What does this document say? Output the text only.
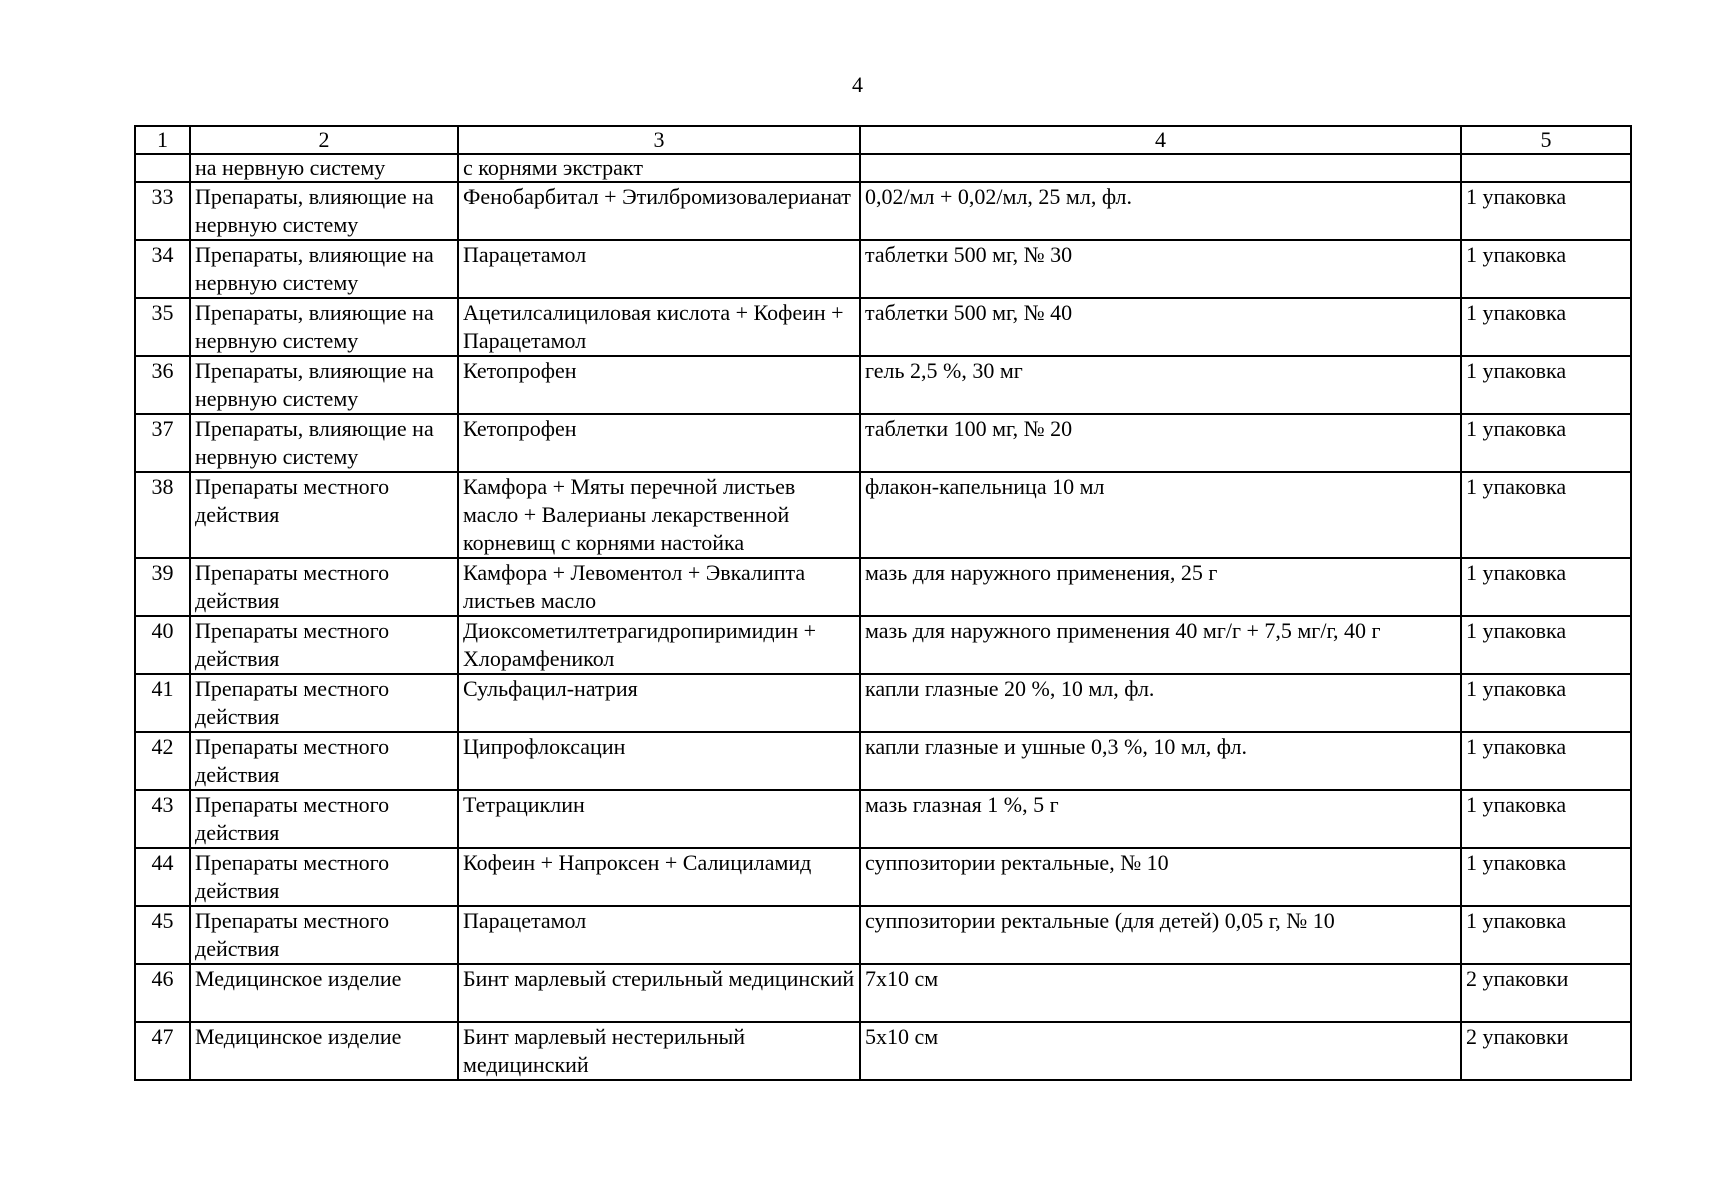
4
1	2	3	4	5
	на нервную систему	с корнями экстракт		
33	Препараты, влияющие на нервную систему	Фенобарбитал + Этилбромизовалерианат	0,02/мл + 0,02/мл, 25 мл, фл.	1 упаковка
34	Препараты, влияющие на нервную систему	Парацетамол	таблетки 500 мг, № 30	1 упаковка
35	Препараты, влияющие на нервную систему	Ацетилсалициловая кислота + Кофеин + Парацетамол	таблетки 500 мг, № 40	1 упаковка
36	Препараты, влияющие на нервную систему	Кетопрофен	гель 2,5 %, 30 мг	1 упаковка
37	Препараты, влияющие на нервную систему	Кетопрофен	таблетки 100 мг, № 20	1 упаковка
38	Препараты местного действия	Камфора + Мяты перечной листьев масло + Валерианы лекарственной корневищ с корнями настойка	флакон-капельница 10 мл	1 упаковка
39	Препараты местного действия	Камфора + Левоментол + Эвкалипта листьев масло	мазь для наружного применения, 25 г	1 упаковка
40	Препараты местного действия	Диоксометилтетрагидропиримидин + Хлорамфеникол	мазь для наружного применения 40 мг/г + 7,5 мг/г, 40 г	1 упаковка
41	Препараты местного действия	Сульфацил-натрия	капли глазные 20 %, 10 мл, фл.	1 упаковка
42	Препараты местного действия	Ципрофлоксацин	капли глазные и ушные 0,3 %, 10 мл, фл.	1 упаковка
43	Препараты местного действия	Тетрациклин	мазь глазная 1 %, 5 г	1 упаковка
44	Препараты местного действия	Кофеин + Напроксен + Салициламид	суппозитории ректальные, № 10	1 упаковка
45	Препараты местного действия	Парацетамол	суппозитории ректальные (для детей) 0,05 г, № 10	1 упаковка
46	Медицинское изделие	Бинт марлевый стерильный медицинский	7х10 см	2 упаковки
47	Медицинское изделие	Бинт марлевый нестерильный медицинский	5х10 см	2 упаковки
